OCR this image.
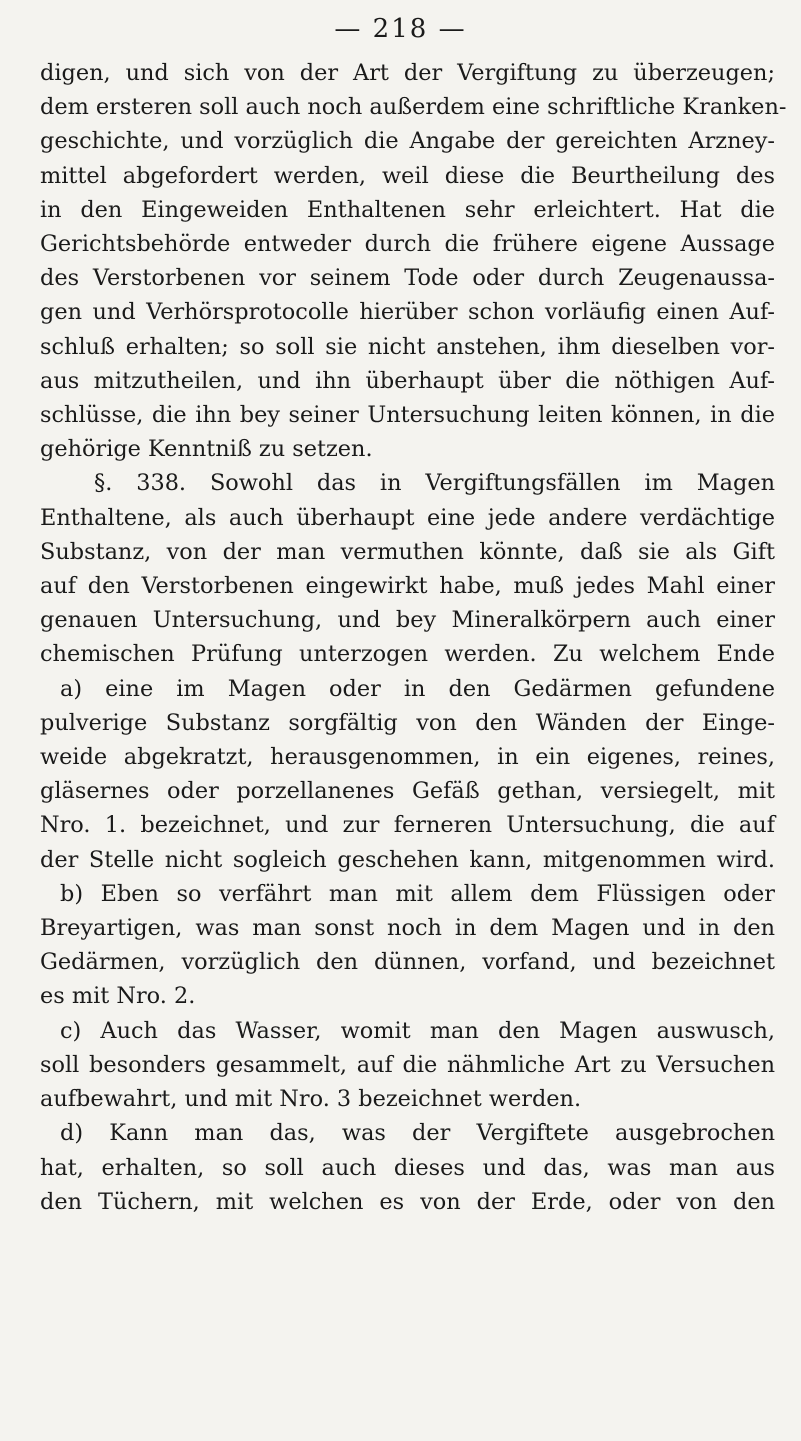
— 218 —
digen, und sich von der Art der Vergiftung zu überzeugen;
dem ersteren soll auch noch außerdem eine schriftliche Kranken-
geschichte, und vorzüglich die Angabe der gereichten Arzney-
mittel abgefordert werden, weil diese die Beurtheilung des
in den Eingeweiden Enthaltenen sehr erleichtert. Hat die
Gerichtsbehörde entweder durch die frühere eigene Aussage
des Verstorbenen vor seinem Tode oder durch Zeugenaussa-
gen und Verhörsprotocolle hierüber schon vorläufig einen Auf-
schluß erhalten; so soll sie nicht anstehen, ihm dieselben vor-
aus mitzutheilen, und ihn überhaupt über die nöthigen Auf-
schlüsse, die ihn bey seiner Untersuchung leiten können, in die
gehörige Kenntniß zu setzen.
§. 338. Sowohl das in Vergiftungsfällen im Magen
Enthaltene, als auch überhaupt eine jede andere verdächtige
Substanz, von der man vermuthen könnte, daß sie als Gift
auf den Verstorbenen eingewirkt habe, muß jedes Mahl einer
genauen Untersuchung, und bey Mineralkörpern auch einer
chemischen Prüfung unterzogen werden. Zu welchem Ende
a) eine im Magen oder in den Gedärmen gefundene
pulverige Substanz sorgfältig von den Wänden der Einge-
weide abgekratzt, herausgenommen, in ein eigenes, reines,
gläsernes oder porzellanenes Gefäß gethan, versiegelt, mit
Nro. 1. bezeichnet, und zur ferneren Untersuchung, die auf
der Stelle nicht sogleich geschehen kann, mitgenommen wird.
b) Eben so verfährt man mit allem dem Flüssigen oder
Breyartigen, was man sonst noch in dem Magen und in den
Gedärmen, vorzüglich den dünnen, vorfand, und bezeichnet
es mit Nro. 2.
c) Auch das Wasser, womit man den Magen auswusch,
soll besonders gesammelt, auf die nähmliche Art zu Versuchen
aufbewahrt, und mit Nro. 3 bezeichnet werden.
d) Kann man das, was der Vergiftete ausgebrochen
hat, erhalten, so soll auch dieses und das, was man aus
den Tüchern, mit welchen es von der Erde, oder von den
